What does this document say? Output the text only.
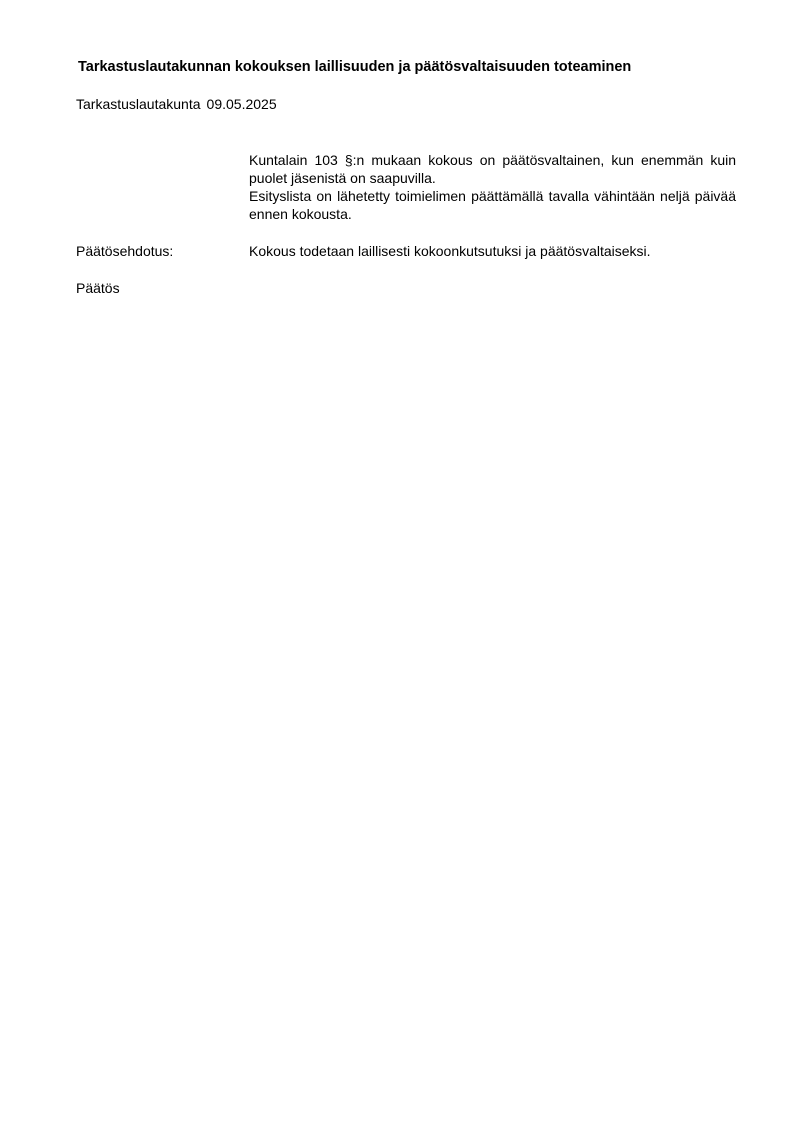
Tarkastuslautakunnan kokouksen laillisuuden ja päätösvaltaisuuden toteaminen
Tarkastuslautakunta 09.05.2025

Kuntalain 103 §:n mukaan kokous on päätösvaltainen, kun enemmän kuin puolet jäsenistä on saapuvilla.

Esityslista on lähetetty toimielimen päättämällä tavalla vähintään neljä päivää ennen kokousta.

Päätösehdotus:	Kokous todetaan laillisesti kokoonkutsutuksi ja päätösvaltaiseksi.
Päätös
